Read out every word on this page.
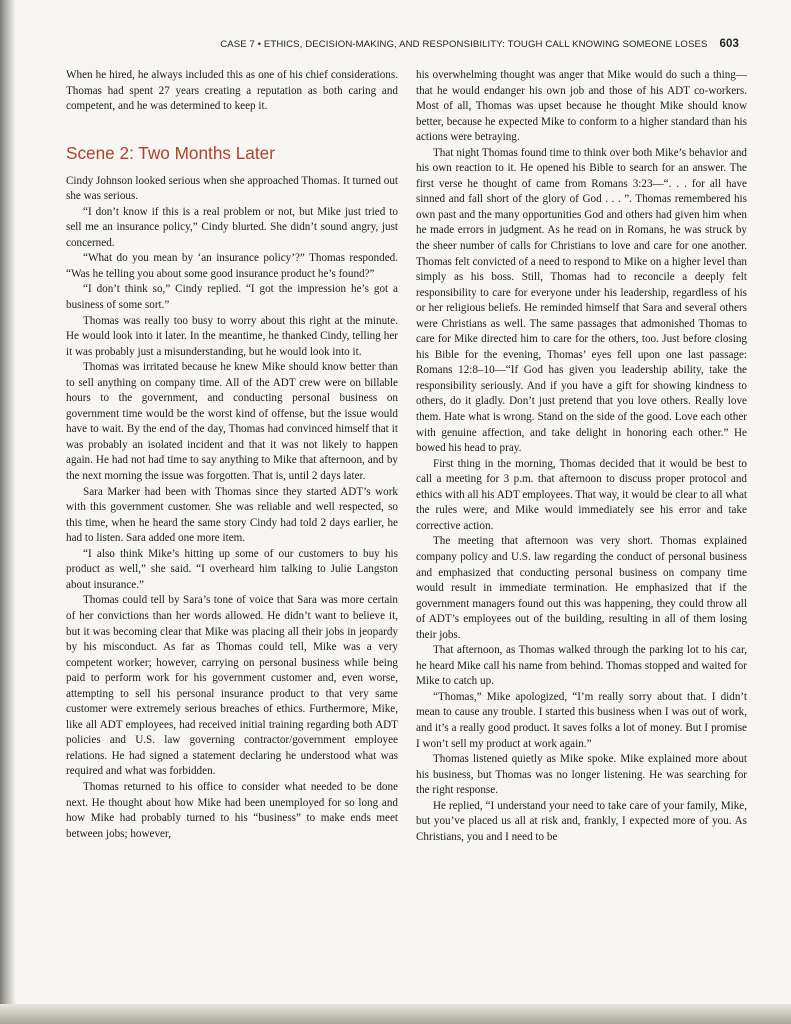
CASE 7 • ETHICS, DECISION-MAKING, AND RESPONSIBILITY: TOUGH CALL KNOWING SOMEONE LOSES 603

When he hired, he always included this as one of his chief considerations. Thomas had spent 27 years creating a reputation as both caring and competent, and he was determined to keep it.

Scene 2: Two Months Later

Cindy Johnson looked serious when she approached Thomas. It turned out she was serious.

“I don’t know if this is a real problem or not, but Mike just tried to sell me an insurance policy,” Cindy blurted. She didn’t sound angry, just concerned.

“What do you mean by ‘an insurance policy’?” Thomas responded. “Was he telling you about some good insurance product he’s found?”

“I don’t think so,” Cindy replied. “I got the impression he’s got a business of some sort.”

Thomas was really too busy to worry about this right at the minute. He would look into it later. In the meantime, he thanked Cindy, telling her it was probably just a misunderstanding, but he would look into it.

Thomas was irritated because he knew Mike should know better than to sell anything on company time. All of the ADT crew were on billable hours to the government, and conducting personal business on government time would be the worst kind of offense, but the issue would have to wait. By the end of the day, Thomas had convinced himself that it was probably an isolated incident and that it was not likely to happen again. He had not had time to say anything to Mike that afternoon, and by the next morning the issue was forgotten. That is, until 2 days later.

Sara Marker had been with Thomas since they started ADT’s work with this government customer. She was reliable and well respected, so this time, when he heard the same story Cindy had told 2 days earlier, he had to listen. Sara added one more item.

“I also think Mike’s hitting up some of our customers to buy his product as well,” she said. “I overheard him talking to Julie Langston about insurance.”

Thomas could tell by Sara’s tone of voice that Sara was more certain of her convictions than her words allowed. He didn’t want to believe it, but it was becoming clear that Mike was placing all their jobs in jeopardy by his misconduct. As far as Thomas could tell, Mike was a very competent worker; however, carrying on personal business while being paid to perform work for his government customer and, even worse, attempting to sell his personal insurance product to that very same customer were extremely serious breaches of ethics. Furthermore, Mike, like all ADT employees, had received initial training regarding both ADT policies and U.S. law governing contractor/government employee relations. He had signed a statement declaring he understood what was required and what was forbidden.

Thomas returned to his office to consider what needed to be done next. He thought about how Mike had been unemployed for so long and how Mike had probably turned to his “business” to make ends meet between jobs; however,

his overwhelming thought was anger that Mike would do such a thing—that he would endanger his own job and those of his ADT co-workers. Most of all, Thomas was upset because he thought Mike should know better, because he expected Mike to conform to a higher standard than his actions were betraying.

That night Thomas found time to think over both Mike’s behavior and his own reaction to it. He opened his Bible to search for an answer. The first verse he thought of came from Romans 3:23—“. . . for all have sinned and fall short of the glory of God . . . ”. Thomas remembered his own past and the many opportunities God and others had given him when he made errors in judgment. As he read on in Romans, he was struck by the sheer number of calls for Christians to love and care for one another. Thomas felt convicted of a need to respond to Mike on a higher level than simply as his boss. Still, Thomas had to reconcile a deeply felt responsibility to care for everyone under his leadership, regardless of his or her religious beliefs. He reminded himself that Sara and several others were Christians as well. The same passages that admonished Thomas to care for Mike directed him to care for the others, too. Just before closing his Bible for the evening, Thomas’ eyes fell upon one last passage: Romans 12:8–10—“If God has given you leadership ability, take the responsibility seriously. And if you have a gift for showing kindness to others, do it gladly. Don’t just pretend that you love others. Really love them. Hate what is wrong. Stand on the side of the good. Love each other with genuine affection, and take delight in honoring each other.” He bowed his head to pray.

First thing in the morning, Thomas decided that it would be best to call a meeting for 3 p.m. that afternoon to discuss proper protocol and ethics with all his ADT employees. That way, it would be clear to all what the rules were, and Mike would immediately see his error and take corrective action.

The meeting that afternoon was very short. Thomas explained company policy and U.S. law regarding the conduct of personal business and emphasized that conducting personal business on company time would result in immediate termination. He emphasized that if the government managers found out this was happening, they could throw all of ADT’s employees out of the building, resulting in all of them losing their jobs.

That afternoon, as Thomas walked through the parking lot to his car, he heard Mike call his name from behind. Thomas stopped and waited for Mike to catch up.

“Thomas,” Mike apologized, “I’m really sorry about that. I didn’t mean to cause any trouble. I started this business when I was out of work, and it’s a really good product. It saves folks a lot of money. But I promise I won’t sell my product at work again.”

Thomas listened quietly as Mike spoke. Mike explained more about his business, but Thomas was no longer listening. He was searching for the right response.

He replied, “I understand your need to take care of your family, Mike, but you’ve placed us all at risk and, frankly, I expected more of you. As Christians, you and I need to be
